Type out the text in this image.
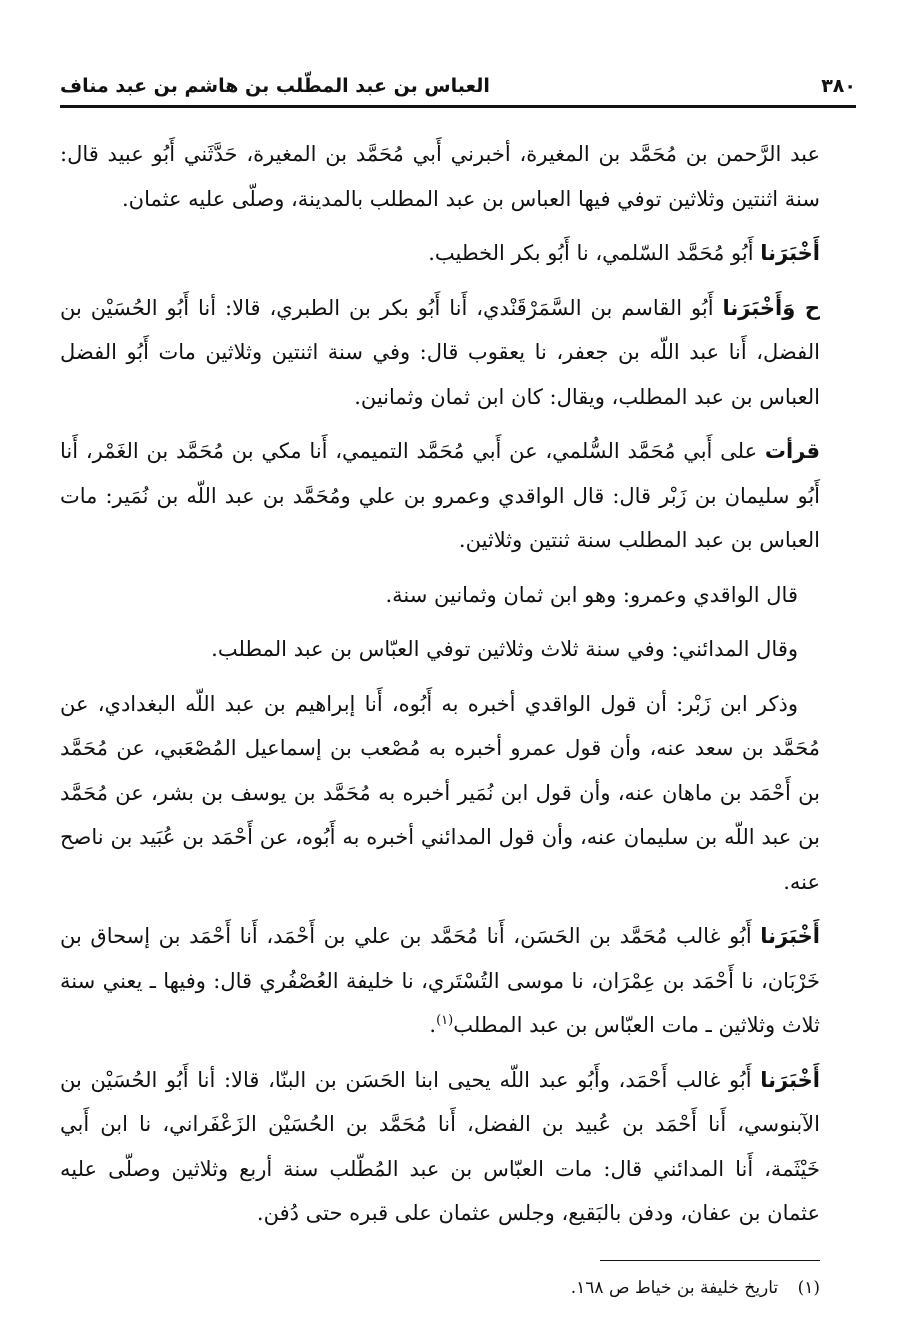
٣٨٠
العباس بن عبد المطّلب بن هاشم بن عبد مناف

عبد الرَّحمن بن مُحَمَّد بن المغيرة، أخبرني أَبي مُحَمَّد بن المغيرة، حَدَّثَني أَبُو عبيد قال: سنة اثنتين وثلاثين توفي فيها العباس بن عبد المطلب بالمدينة، وصلّى عليه عثمان.

أَخْبَرَنا أَبُو مُحَمَّد السّلمي، نا أَبُو بكر الخطيب.

ح وَأَخْبَرَنا أَبُو القاسم بن السَّمَرْقَنْدي، أَنا أَبُو بكر بن الطبري، قالا: أنا أَبُو الحُسَيْن بن الفضل، أَنا عبد اللّه بن جعفر، نا يعقوب قال: وفي سنة اثنتين وثلاثين مات أَبُو الفضل العباس بن عبد المطلب، ويقال: كان ابن ثمان وثمانين.

قرأت على أَبي مُحَمَّد السُّلمي، عن أَبي مُحَمَّد التميمي، أَنا مكي بن مُحَمَّد بن الغَمْر، أَنا أَبُو سليمان بن زَبْر قال: قال الواقدي وعمرو بن علي ومُحَمَّد بن عبد اللّه بن نُمَير: مات العباس بن عبد المطلب سنة ثنتين وثلاثين.

قال الواقدي وعمرو: وهو ابن ثمان وثمانين سنة.

وقال المدائني: وفي سنة ثلاث وثلاثين توفي العبّاس بن عبد المطلب.

وذكر ابن زَبْر: أن قول الواقدي أخبره به أَبُوه، أَنا إبراهيم بن عبد اللّه البغدادي، عن مُحَمَّد بن سعد عنه، وأن قول عمرو أخبره به مُصْعب بن إسماعيل المُصْعَبي، عن مُحَمَّد بن أَحْمَد بن ماهان عنه، وأن قول ابن نُمَير أخبره به مُحَمَّد بن يوسف بن بشر، عن مُحَمَّد بن عبد اللّه بن سليمان عنه، وأن قول المدائني أخبره به أَبُوه، عن أَحْمَد بن عُبَيد بن ناصح عنه.

أَخْبَرَنا أَبُو غالب مُحَمَّد بن الحَسَن، أَنا مُحَمَّد بن علي بن أَحْمَد، أَنا أَحْمَد بن إسحاق بن خَرْبَان، نا أَحْمَد بن عِمْرَان، نا موسى التُسْتَري، نا خليفة العُصْفُري قال: وفيها ـ يعني سنة ثلاث وثلاثين ـ مات العبّاس بن عبد المطلب$^{(١)}$.

أَخْبَرَنا أَبُو غالب أَحْمَد، وأَبُو عبد اللّه يحيى ابنا الحَسَن بن البنّا، قالا: أنا أَبُو الحُسَيْن بن الآبنوسي، أَنا أَحْمَد بن عُبيد بن الفضل، أَنا مُحَمَّد بن الحُسَيْن الزَعْفَراني، نا ابن أَبي خَيْثَمة، أَنا المدائني قال: مات العبّاس بن عبد المُطّلب سنة أربع وثلاثين وصلّى عليه عثمان بن عفان، ودفن بالبَقيع، وجلس عثمان على قبره حتى دُفن.

(١) تاريخ خليفة بن خياط ص ١٦٨.
